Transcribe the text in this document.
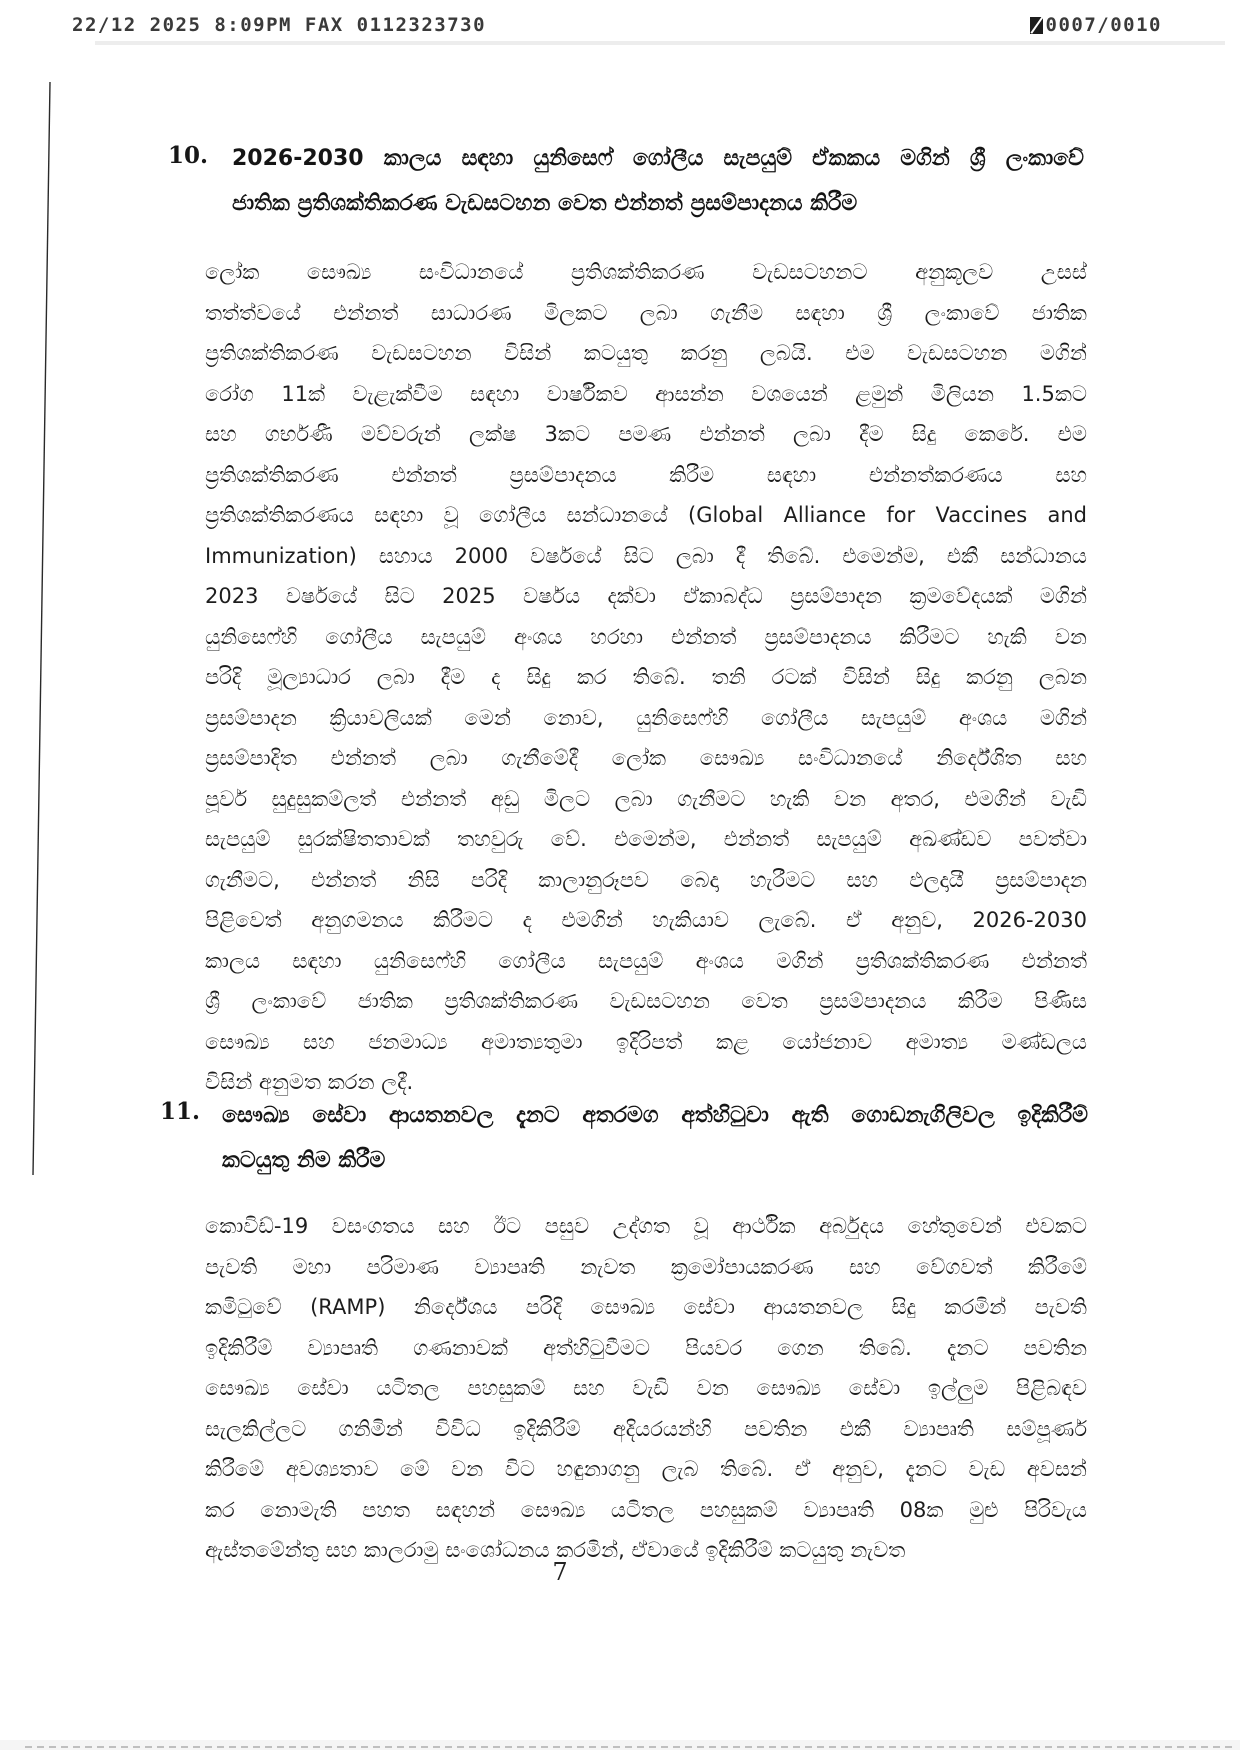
22/12 2025 8:09PM FAX 0112323730	0007/0010
10. 2026-2030 කාලය සඳහා යුනිසෙෆ් ගෝලීය සැපයුම් ඒකකය මගින් ශ්‍රී ලංකාවේ
ජාතික ප්‍රතිශක්තිකරණ වැඩසටහන වෙත එන්නත් ප්‍රසම්පාදනය කිරීම
ලෝක සෞඛ්‍ය සංවිධානයේ ප්‍රතිශක්තිකරණ වැඩසටහනට අනුකූලව උසස්
තත්ත්වයේ එන්නත් සාධාරණ මිලකට ලබා ගැනීම සඳහා ශ්‍රී ලංකාවේ ජාතික
ප්‍රතිශක්තිකරණ වැඩසටහන විසින් කටයුතු කරනු ලබයි. එම වැඩසටහන මගින්
රෝග 11ක් වැළැක්වීම සඳහා වාර්ෂිකව ආසන්න වශයෙන් ළමුන් මිලියන 1.5කට
සහ ගර්භණී මව්වරුන් ලක්ෂ 3කට පමණ එන්නත් ලබා දීම සිදු කෙරේ. එම
ප්‍රතිශක්තිකරණ එන්නත් ප්‍රසම්පාදනය කිරීම සඳහා එන්නත්කරණය සහ
ප්‍රතිශක්තිකරණය සඳහා වූ ගෝලීය සන්ධානයේ (Global Alliance for Vaccines and
Immunization) සහාය 2000 වර්ෂයේ සිට ලබා දී තිබේ. එමෙන්ම, එකී සන්ධානය
2023 වර්ෂයේ සිට 2025 වර්ෂය දක්වා ඒකාබද්ධ ප්‍රසම්පාදන ක්‍රමවේදයක් මගින්
යුනිසෙෆ්හි ගෝලීය සැපයුම් අංශය හරහා එන්නත් ප්‍රසම්පාදනය කිරීමට හැකි වන
පරිදි මූල්‍යාධාර ලබා දීම ද සිදු කර තිබේ. තනි රටක් විසින් සිදු කරනු ලබන
ප්‍රසම්පාදන ක්‍රියාවලියක් මෙන් නොව, යුනිසෙෆ්හි ගෝලීය සැපයුම් අංශය මගින්
ප්‍රසම්පාදිත එන්නත් ලබා ගැනීමේදී ලෝක සෞඛ්‍ය සංවිධානයේ නිර්දේශිත සහ
පූර්ව සුදුසුකම්ලත් එන්නත් අඩු මිලට ලබා ගැනීමට හැකි වන අතර, එමගින් වැඩි
සැපයුම් සුරක්ෂිතතාවක් තහවුරු වේ. එමෙන්ම, එන්නත් සැපයුම් අඛණ්ඩව පවත්වා
ගැනීමට, එන්නත් නිසි පරිදි කාලානුරූපව බෙදා හැරීමට සහ ඵලදායී ප්‍රසම්පාදන
පිළිවෙත් අනුගමනය කිරීමට ද එමගින් හැකියාව ලැබේ. ඒ අනුව, 2026-2030
කාලය සඳහා යුනිසෙෆ්හි ගෝලීය සැපයුම් අංශය මගින් ප්‍රතිශක්තිකරණ එන්නත්
ශ්‍රී ලංකාවේ ජාතික ප්‍රතිශක්තිකරණ වැඩසටහන වෙත ප්‍රසම්පාදනය කිරීම පිණිස
සෞඛ්‍ය සහ ජනමාධ්‍ය අමාත්‍යතුමා ඉදිරිපත් කළ යෝජනාව අමාත්‍ය මණ්ඩලය
විසින් අනුමත කරන ලදී.
11. සෞඛ්‍ය සේවා ආයතනවල දැනට අතරමග අත්හිටුවා ඇති ගොඩනැගිලිවල ඉදිකිරීම්
කටයුතු නිම කිරීම
කොවිඩ්-19 වසංගතය සහ ඊට පසුව උද්ගත වූ ආර්ථික අර්බුදය හේතුවෙන් එවකට
පැවති මහා පරිමාණ ව්‍යාපෘති නැවත ක්‍රමෝපායකරණ සහ වේගවත් කිරීමේ
කමිටුවේ (RAMP) නිර්දේශය පරිදි සෞඛ්‍ය සේවා ආයතනවල සිදු කරමින් පැවති
ඉදිකිරීම් ව්‍යාපෘති ගණනාවක් අත්හිටුවීමට පියවර ගෙන තිබේ. දැනට පවතින
සෞඛ්‍ය සේවා යටිතල පහසුකම් සහ වැඩි වන සෞඛ්‍ය සේවා ඉල්ලුම පිළිබඳව
සැලකිල්ලට ගනිමින් විවිධ ඉදිකිරීම් අදියරයන්හි පවතින එකී ව්‍යාපෘති සම්පූර්ණ
කිරීමේ අවශ්‍යතාව මේ වන විට හඳුනාගනු ලැබ තිබේ. ඒ අනුව, දැනට වැඩ අවසන්
කර නොමැති පහත සඳහන් සෞඛ්‍ය යටිතල පහසුකම් ව්‍යාපෘති 08ක මුළු පිරිවැය
ඇස්තමේන්තු සහ කාලරාමු සංශෝධනය කරමින්, ඒවායේ ඉදිකිරීම් කටයුතු නැවත
7
